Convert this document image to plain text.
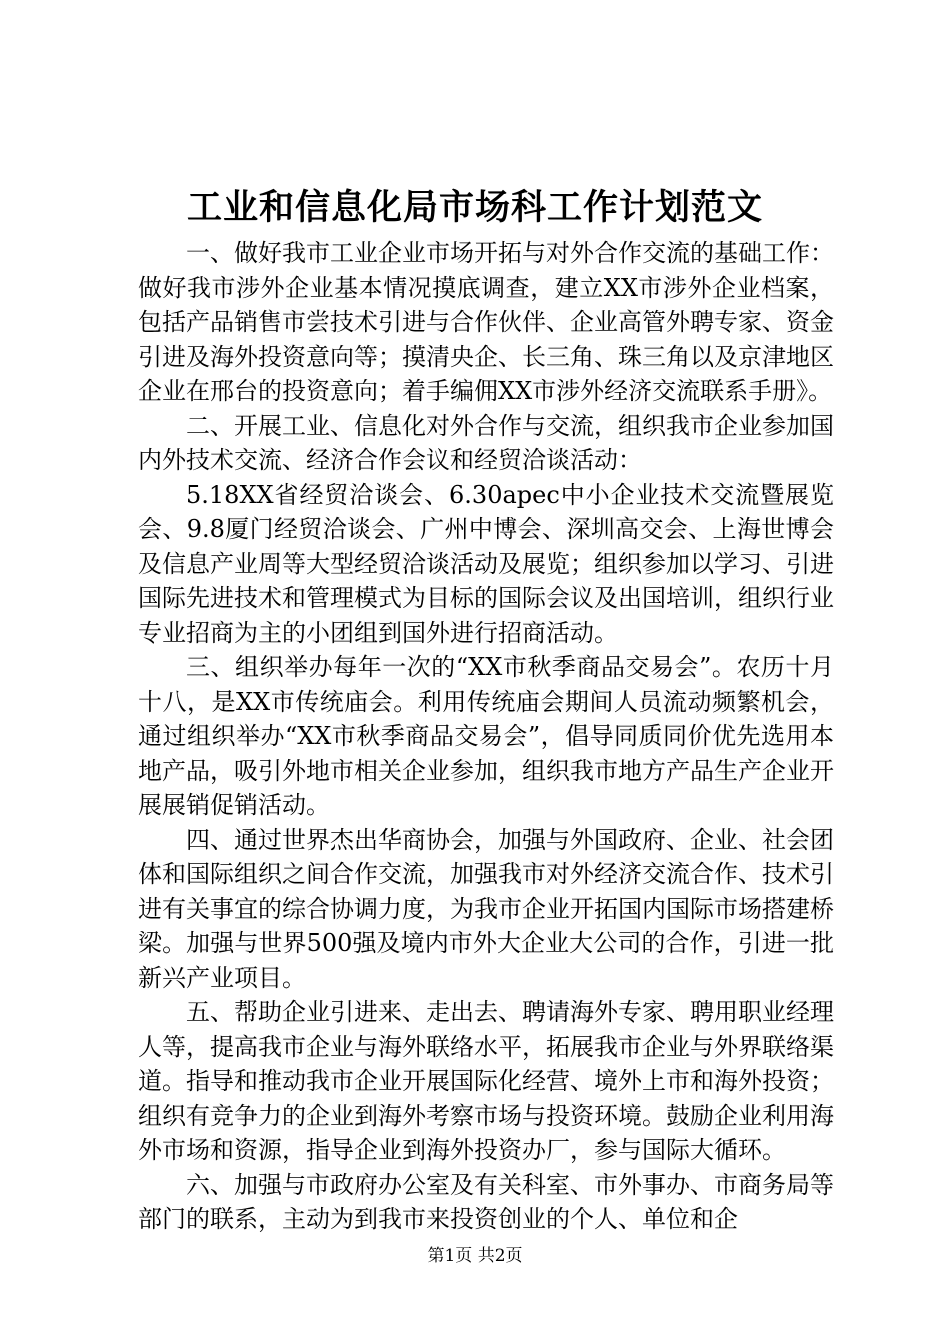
工业和信息化局市场科工作计划范文

一、做好我市工业企业市场开拓与对外合作交流的基础工作：做好我市涉外企业基本情况摸底调查，建立XX市涉外企业档案，包括产品销售市尝技术引进与合作伙伴、企业高管外聘专家、资金引进及海外投资意向等；摸清央企、长三角、珠三角以及京津地区企业在邢台的投资意向；着手编佣XX市涉外经济交流联系手册》。

二、开展工业、信息化对外合作与交流，组织我市企业参加国内外技术交流、经济合作会议和经贸洽谈活动：

5.18XX省经贸洽谈会、6.30apec中小企业技术交流暨展览会、9.8厦门经贸洽谈会、广州中博会、深圳高交会、上海世博会及信息产业周等大型经贸洽谈活动及展览；组织参加以学习、引进国际先进技术和管理模式为目标的国际会议及出国培训，组织行业专业招商为主的小团组到国外进行招商活动。

三、组织举办每年一次的“XX市秋季商品交易会”。农历十月十八，是XX市传统庙会。利用传统庙会期间人员流动频繁机会，通过组织举办“XX市秋季商品交易会”，倡导同质同价优先选用本地产品，吸引外地市相关企业参加，组织我市地方产品生产企业开展展销促销活动。

四、通过世界杰出华商协会，加强与外国政府、企业、社会团体和国际组织之间合作交流，加强我市对外经济交流合作、技术引进有关事宜的综合协调力度，为我市企业开拓国内国际市场搭建桥梁。加强与世界500强及境内市外大企业大公司的合作，引进一批新兴产业项目。

五、帮助企业引进来、走出去、聘请海外专家、聘用职业经理人等，提高我市企业与海外联络水平，拓展我市企业与外界联络渠道。指导和推动我市企业开展国际化经营、境外上市和海外投资；组织有竞争力的企业到海外考察市场与投资环境。鼓励企业利用海外市场和资源，指导企业到海外投资办厂，参与国际大循环。

六、加强与市政府办公室及有关科室、市外事办、市商务局等部门的联系，主动为到我市来投资创业的个人、单位和企

第1页 共2页
